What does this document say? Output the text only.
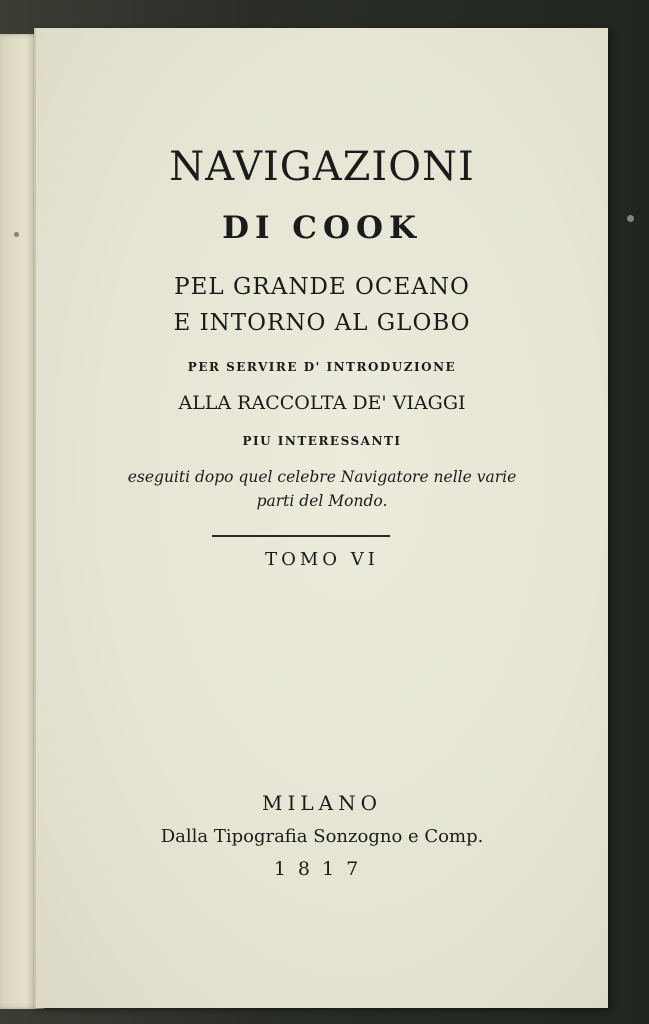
NAVIGAZIONI
DI COOK
PEL GRANDE OCEANO
E INTORNO AL GLOBO
PER SERVIRE D' INTRODUZIONE
ALLA RACCOLTA DE' VIAGGI
PIU INTERESSANTI
eseguiti dopo quel celebre Navigatore nelle varie
parti del Mondo.
TOMO VI
MILANO
Dalla Tipografia Sonzogno e Comp.
1817
